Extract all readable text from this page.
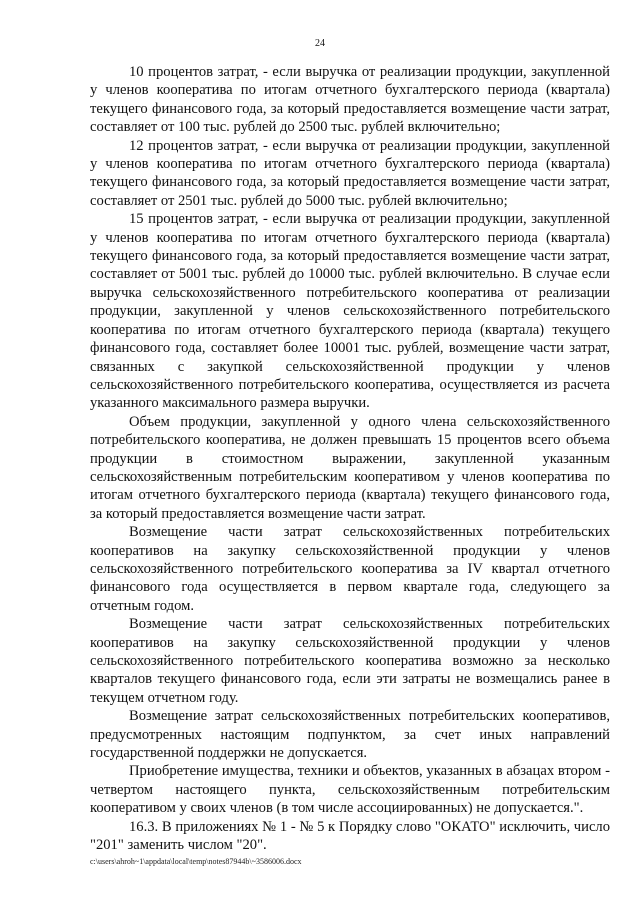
24

10 процентов затрат, - если выручка от реализации продукции, закупленной у членов кооператива по итогам отчетного бухгалтерского периода (квартала) текущего финансового года, за который предоставляется возмещение части затрат, составляет от 100 тыс. рублей до 2500 тыс. рублей включительно;

12 процентов затрат, - если выручка от реализации продукции, закупленной у членов кооператива по итогам отчетного бухгалтерского периода (квартала) текущего финансового года, за который предоставляется возмещение части затрат, составляет от 2501 тыс. рублей до 5000 тыс. рублей включительно;

15 процентов затрат, - если выручка от реализации продукции, закупленной у членов кооператива по итогам отчетного бухгалтерского периода (квартала) текущего финансового года, за который предоставляется возмещение части затрат, составляет от 5001 тыс. рублей до 10000 тыс. рублей включительно. В случае если выручка сельскохозяйственного потребительского кооператива от реализации продукции, закупленной у членов сельскохозяйственного потребительского кооператива по итогам отчетного бухгалтерского периода (квартала) текущего финансового года, составляет более 10001 тыс. рублей, возмещение части затрат, связанных с закупкой сельскохозяйственной продукции у членов сельскохозяйственного потребительского кооператива, осуществляется из расчета указанного максимального размера выручки.

Объем продукции, закупленной у одного члена сельскохозяйственного потребительского кооператива, не должен превышать 15 процентов всего объема продукции в стоимостном выражении, закупленной указанным сельскохозяйственным потребительским кооперативом у членов кооператива по итогам отчетного бухгалтерского периода (квартала) текущего финансового года, за который предоставляется возмещение части затрат.

Возмещение части затрат сельскохозяйственных потребительских кооперативов на закупку сельскохозяйственной продукции у членов сельскохозяйственного потребительского кооператива за IV квартал отчетного финансового года осуществляется в первом квартале года, следующего за отчетным годом.

Возмещение части затрат сельскохозяйственных потребительских кооперативов на закупку сельскохозяйственной продукции у членов сельскохозяйственного потребительского кооператива возможно за несколько кварталов текущего финансового года, если эти затраты не возмещались ранее в текущем отчетном году.

Возмещение затрат сельскохозяйственных потребительских кооперативов, предусмотренных настоящим подпунктом, за счет иных направлений государственной поддержки не допускается.

Приобретение имущества, техники и объектов, указанных в абзацах втором - четвертом настоящего пункта, сельскохозяйственным потребительским кооперативом у своих членов (в том числе ассоциированных) не допускается.".

16.3. В приложениях № 1 - № 5 к Порядку слово "ОКАТО" исключить, число "201" заменить числом "20".

c:\users\ahroh~1\appdata\local\temp\notes87944b\~3586006.docx
